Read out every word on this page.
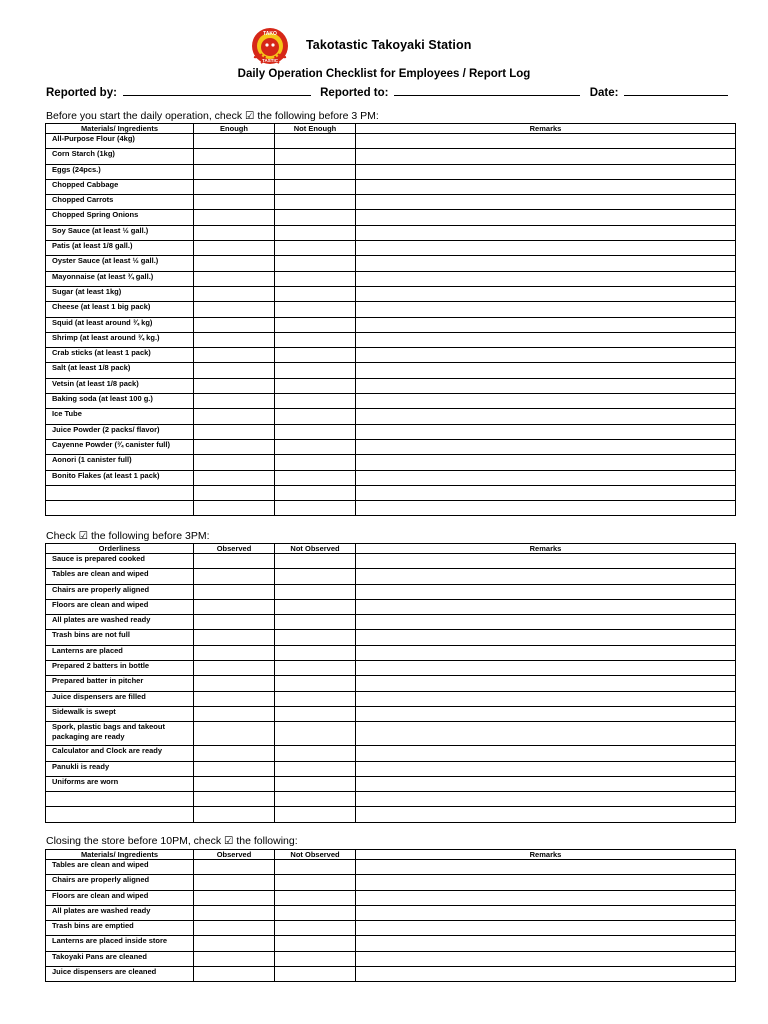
TAKO
TASTIC
Takotastic Takoyaki Station
Daily Operation Checklist for Employees / Report Log
Reported by:	Reported to:	Date:
Before you start the daily operation, check ☑ the following before 3 PM:
Materials/ Ingredients	Enough	Not Enough	Remarks
All-Purpose Flour (4kg)			
Corn Starch (1kg)			
Eggs (24pcs.)			
Chopped Cabbage			
Chopped Carrots			
Chopped Spring Onions			
Soy Sauce (at least ½ gall.)			
Patis (at least 1/8 gall.)			
Oyster Sauce (at least ½ gall.)			
Mayonnaise (at least ¾ gall.)			
Sugar (at least 1kg)			
Cheese (at least 1 big pack)			
Squid (at least around ¾ kg)			
Shrimp (at least around ¾ kg.)			
Crab sticks (at least 1 pack)			
Salt (at least 1/8 pack)			
Vetsin (at least 1/8 pack)			
Baking soda (at least 100 g.)			
Ice Tube			
Juice Powder (2 packs/ flavor)			
Cayenne Powder (¾ canister full)			
Aonori (1 canister full)			
Bonito Flakes (at least 1 pack)			

Check ☑ the following before 3PM:
Orderliness	Observed	Not Observed	Remarks
Sauce is prepared cooked			
Tables are clean and wiped			
Chairs are properly aligned			
Floors are clean and wiped			
All plates are washed ready			
Trash bins are not full			
Lanterns are placed			
Prepared 2 batters in bottle			
Prepared batter in pitcher			
Juice dispensers are filled			
Sidewalk is swept			
Spork, plastic bags and takeout packaging are ready			
Calculator and Clock are ready			
Panukli is ready			
Uniforms are worn			

Closing the store before 10PM, check ☑ the following:
Materials/ Ingredients	Observed	Not Observed	Remarks
Tables are clean and wiped			
Chairs are properly aligned			
Floors are clean and wiped			
All plates are washed ready			
Trash bins are emptied			
Lanterns are placed inside store			
Takoyaki Pans are cleaned			
Juice dispensers are cleaned			
